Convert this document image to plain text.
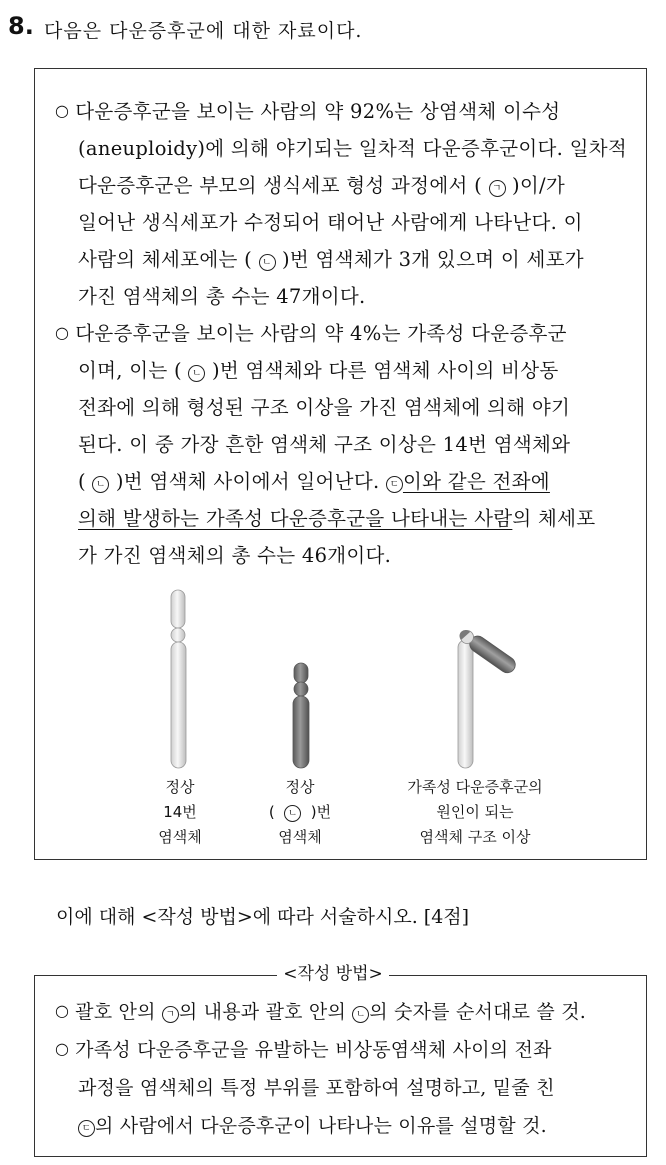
8. 다음은 다운증후군에 대한 자료이다.
○ 다운증후군을 보이는 사람의 약 92%는 상염색체 이수성
(aneuploidy)에 의해 야기되는 일차적 다운증후군이다. 일차적
다운증후군은 부모의 생식세포 형성 과정에서 ( ㄱ )이/가
일어난 생식세포가 수정되어 태어난 사람에게 나타난다. 이
사람의 체세포에는 ( ㄴ )번 염색체가 3개 있으며 이 세포가
가진 염색체의 총 수는 47개이다.
○ 다운증후군을 보이는 사람의 약 4%는 가족성 다운증후군
이며, 이는 ( ㄴ )번 염색체와 다른 염색체 사이의 비상동
전좌에 의해 형성된 구조 이상을 가진 염색체에 의해 야기
된다. 이 중 가장 흔한 염색체 구조 이상은 14번 염색체와
( ㄴ )번 염색체 사이에서 일어난다. ㄷ 이와 같은 전좌에
의해 발생하는 가족성 다운증후군을 나타내는 사람의 체세포
가 가진 염색체의 총 수는 46개이다.
정상
14번
염색체
정상
( ㄴ )번
염색체
가족성 다운증후군의
원인이 되는
염색체 구조 이상
이에 대해 <작성 방법>에 따라 서술하시오. [4점]
<작성 방법>
○ 괄호 안의 ㄱ 의 내용과 괄호 안의 ㄴ 의 숫자를 순서대로 쓸 것.
○ 가족성 다운증후군을 유발하는 비상동염색체 사이의 전좌
과정을 염색체의 특정 부위를 포함하여 설명하고, 밑줄 친
ㄷ 의 사람에서 다운증후군이 나타나는 이유를 설명할 것.
